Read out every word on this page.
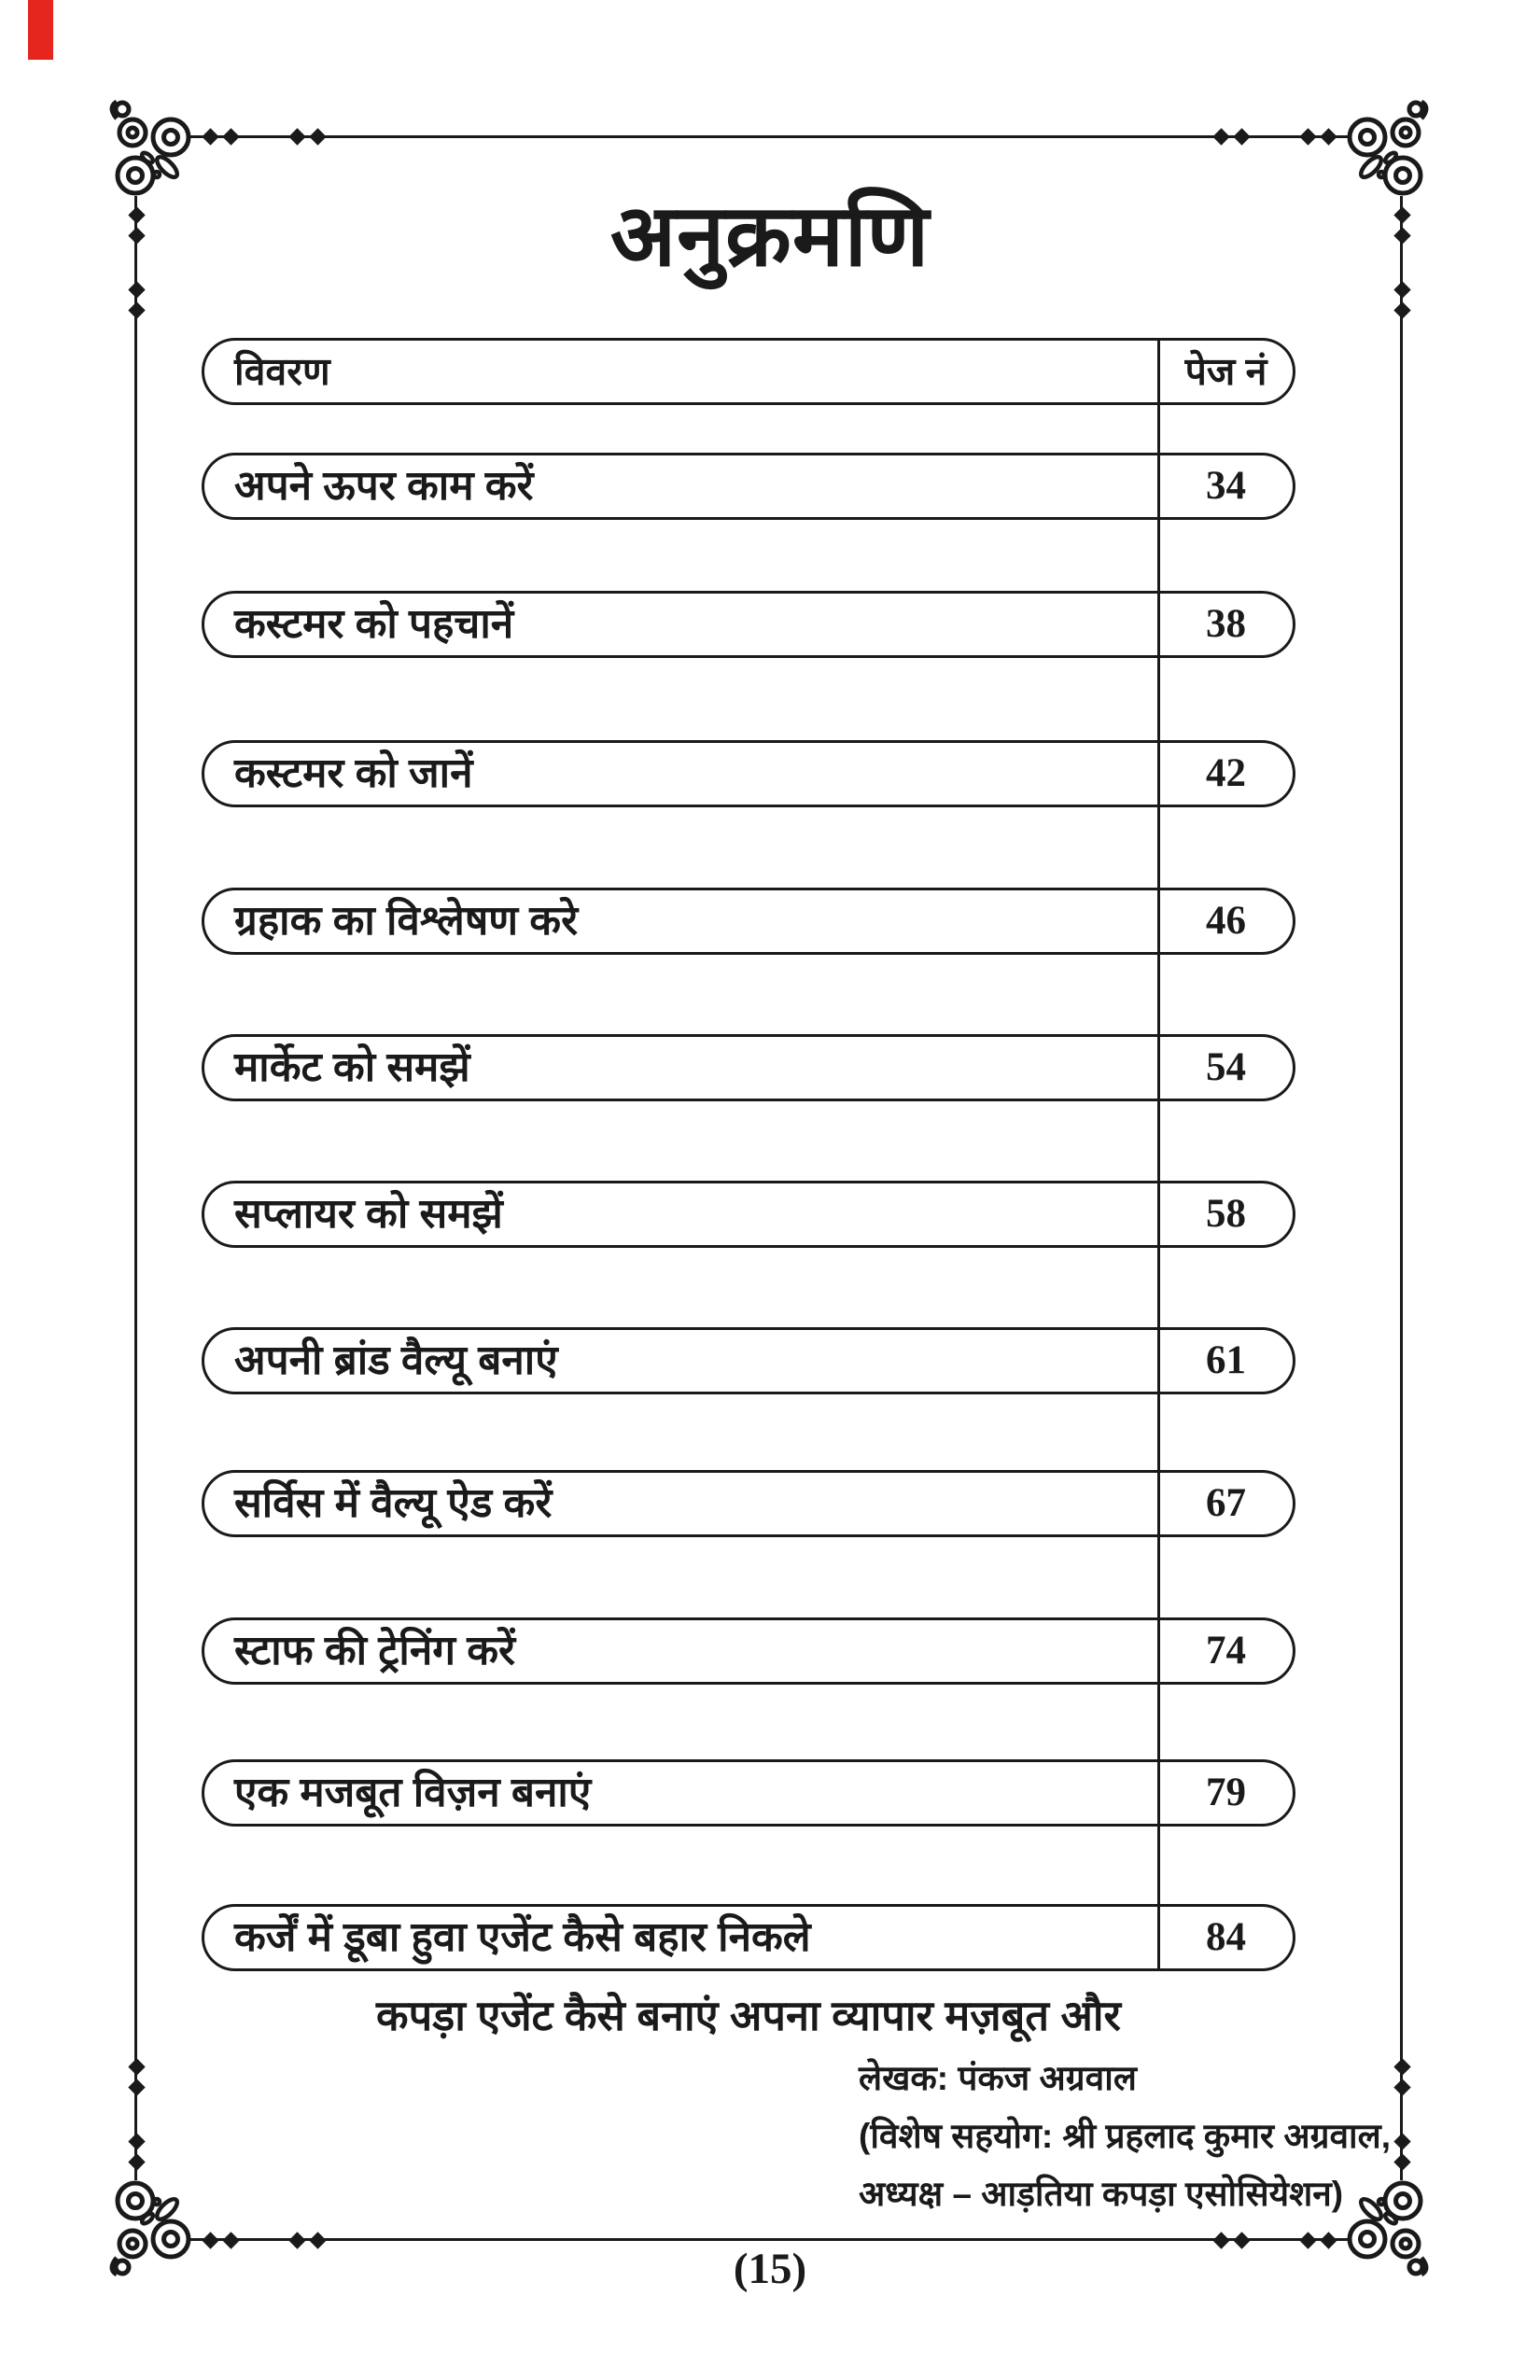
अनुक्रमणि
विवरण	पेज नं
अपने ऊपर काम करें	34
कस्टमर को पहचानें	38
कस्टमर को जानें	42
ग्रहाक का विश्लेषण करे	46
मार्केट को समझें	54
सप्लायर को समझें	58
अपनी ब्रांड वैल्यू बनाएं	61
सर्विस में वैल्यू ऐड करें	67
स्टाफ की ट्रेनिंग करें	74
एक मजबूत विज़न बनाएं	79
कर्जें में डूबा हुवा एजेंट कैसे बहार निकले	84
कपड़ा एजेंट कैसे बनाएं अपना व्यापार मज़बूत और
लेखक: पंकज अग्रवाल
(विशेष सहयोग: श्री प्रहलाद कुमार अग्रवाल,
अध्यक्ष – आड़तिया कपड़ा एसोसियेशन)
(15)
